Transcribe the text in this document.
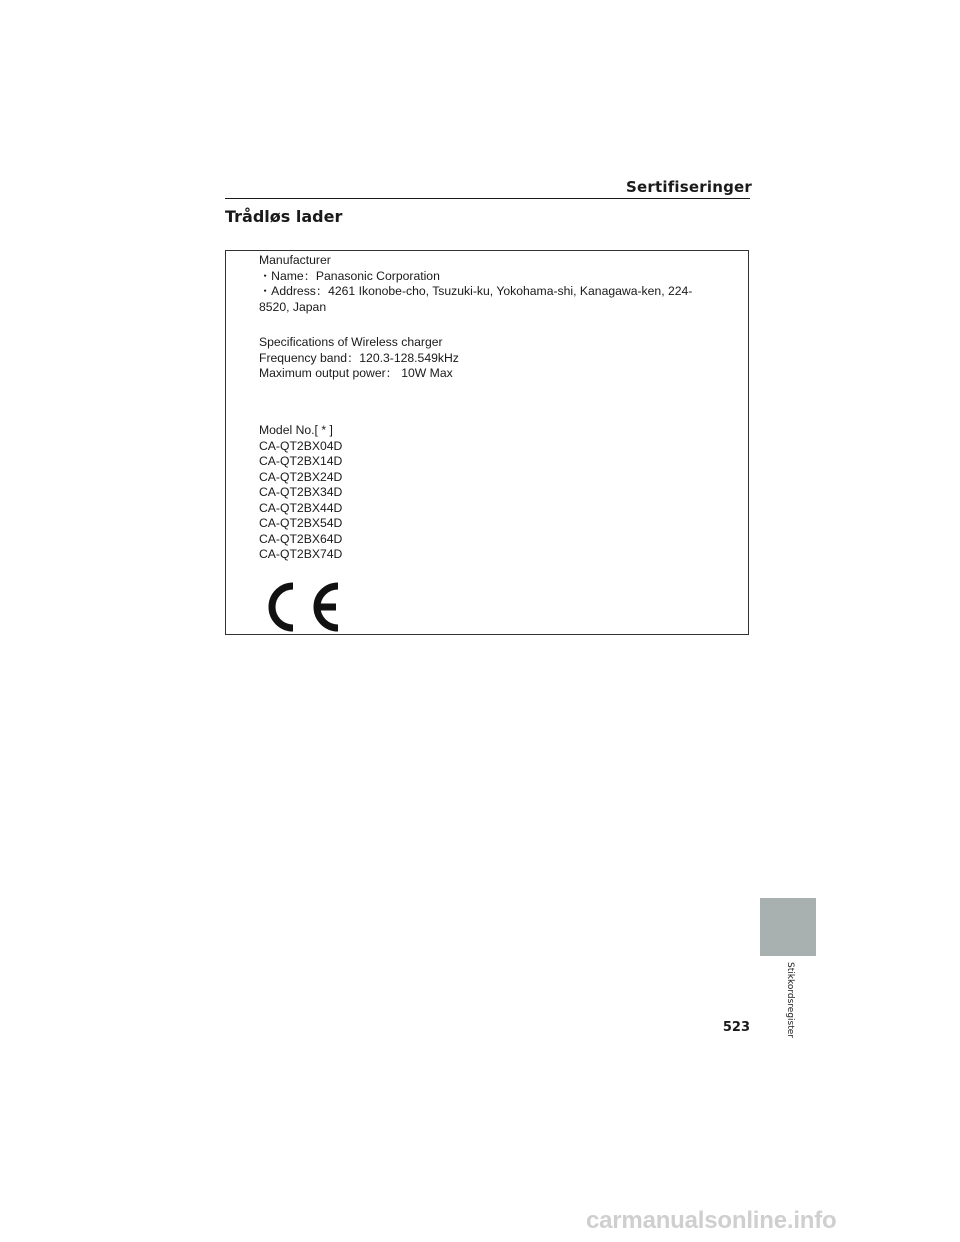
Sertifiseringer
Trådløs lader
Manufacturer
・Name：Panasonic Corporation
・Address：4261 Ikonobe-cho, Tsuzuki-ku, Yokohama-shi, Kanagawa-ken, 224-
8520, Japan
Specifications of Wireless charger
Frequency band：120.3-128.549kHz
Maximum output power： 10W Max
Model No.[ * ]
CA-QT2BX04D
CA-QT2BX14D
CA-QT2BX24D
CA-QT2BX34D
CA-QT2BX44D
CA-QT2BX54D
CA-QT2BX64D
CA-QT2BX74D
Stikkordsregister
523
carmanualsonline.info
